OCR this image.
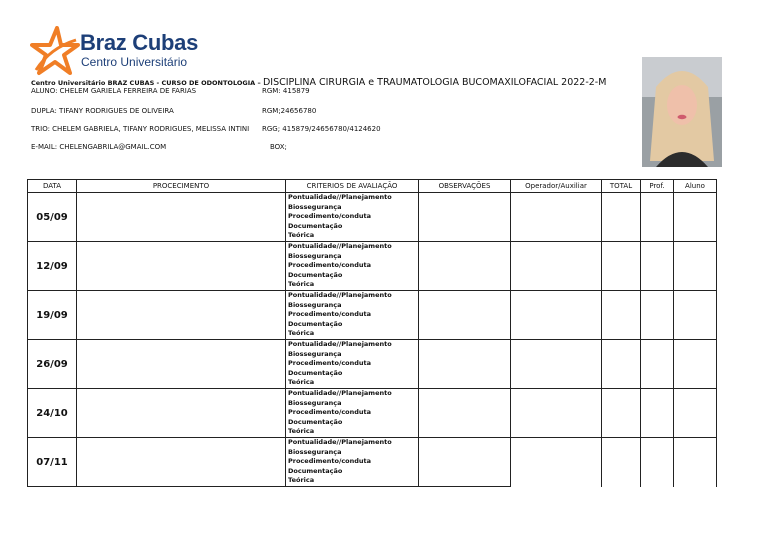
Braz Cubas
Centro Universitário
Centro Universitário BRAZ CUBAS - CURSO DE ODONTOLOGIA – DISCIPLINA CIRURGIA e TRAUMATOLOGIA BUCOMAXILOFACIAL 2022-2-M
ALUNO: CHELEM GARIELA FERREIRA DE FARIAS	RGM: 415879
DUPLA: TIFANY RODRIGUES DE OLIVEIRA	RGM;24656780
TRIO: CHELEM GABRIELA, TIFANY RODRIGUES, MELISSA INTINI RGG; 415879/24656780/4124620
E-MAIL: CHELENGABRILA@GMAIL.COM	BOX;
DATA	PROCECIMENTO	CRITERIOS DE AVALIAÇÃO	OBSERVAÇÕES	Operador/Auxiliar	TOTAL	Prof.	Aluno
05/09		Pontualidade//Planejamento
Biossegurança
Procedimento/conduta
Documentação
Teórica					

12/09		Pontualidade//Planejamento
Biossegurança
Procedimento/conduta
Documentação
Teórica					

19/09		Pontualidade//Planejamento
Biossegurança
Procedimento/conduta
Documentação
Teórica					

26/09		Pontualidade//Planejamento
Biossegurança
Procedimento/conduta
Documentação
Teórica					

24/10		Pontualidade//Planejamento
Biossegurança
Procedimento/conduta
Documentação
Teórica					

07/11		Pontualidade//Planejamento
Biossegurança
Procedimento/conduta
Documentação
Teórica					
